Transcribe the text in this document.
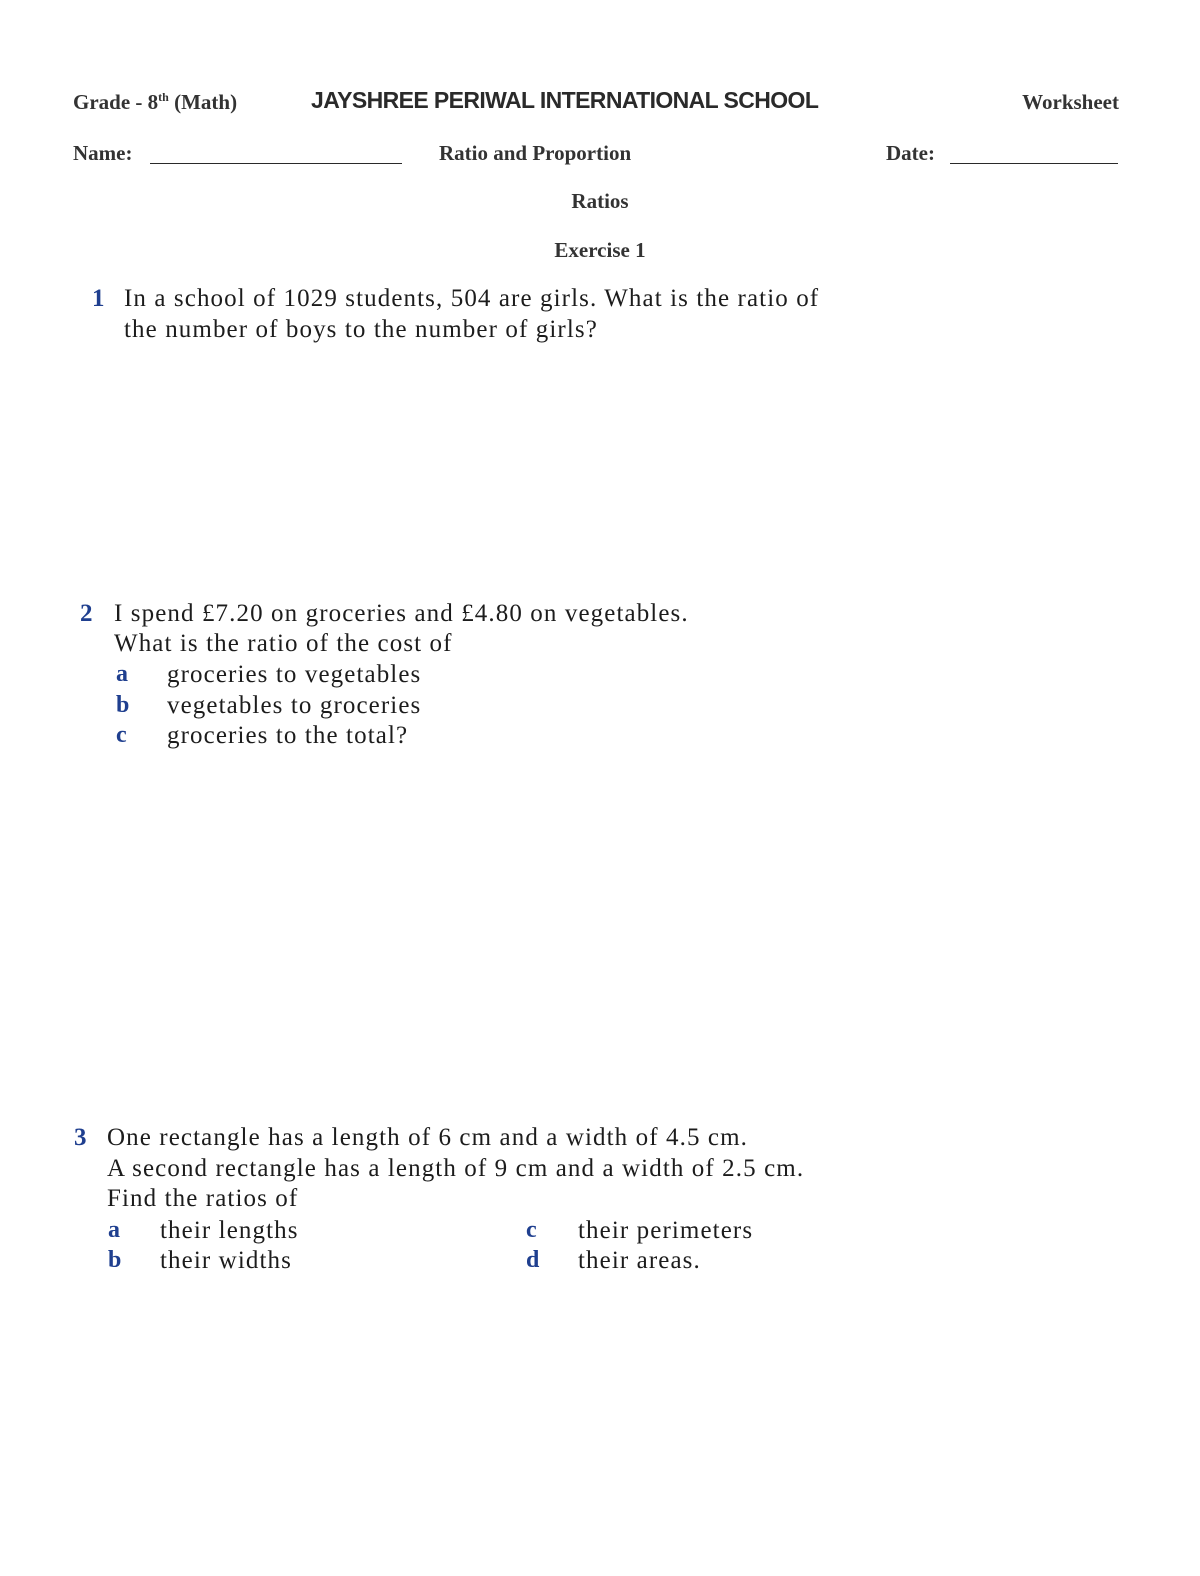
Grade - 8th (Math)	JAYSHREE PERIWAL INTERNATIONAL SCHOOL	Worksheet
Name:	Ratio and Proportion	Date:
Ratios
Exercise 1
1 In a school of 1029 students, 504 are girls. What is the ratio of
the number of boys to the number of girls?
2 I spend £7.20 on groceries and £4.80 on vegetables.
What is the ratio of the cost of
a groceries to vegetables
b vegetables to groceries
c groceries to the total?
3 One rectangle has a length of 6 cm and a width of 4.5 cm.
A second rectangle has a length of 9 cm and a width of 2.5 cm.
Find the ratios of
a their lengths
b their widths
c their perimeters
d their areas.
